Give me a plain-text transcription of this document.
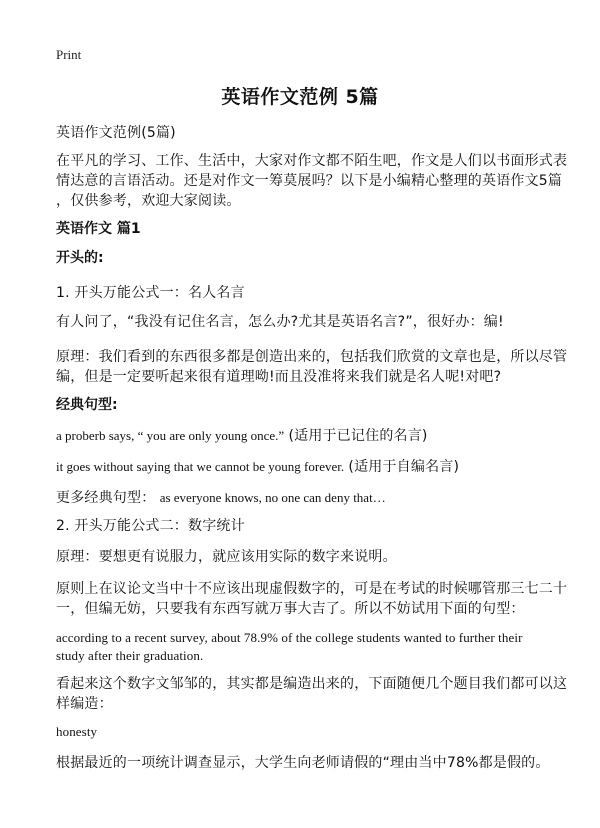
Print
英语作文范例 5篇
英语作文范例(5篇)
在平凡的学习、工作、生活中，大家对作文都不陌生吧，作文是人们以书面形式表
情达意的言语活动。还是对作文一筹莫展吗？以下是小编精心整理的英语作文5篇
，仅供参考，欢迎大家阅读。
英语作文 篇1
开头的:
1. 开头万能公式一：名人名言
有人问了，“我没有记住名言，怎么办?尤其是英语名言?”，很好办：编!
原理：我们看到的东西很多都是创造出来的，包括我们欣赏的文章也是，所以尽管
编，但是一定要听起来很有道理呦!而且没准将来我们就是名人呢!对吧?
经典句型:
a proberb says, “ you are only young once.” (适用于已记住的名言)
it goes without saying that we cannot be young forever. (适用于自编名言)
更多经典句型： as everyone knows, no one can deny that…
2. 开头万能公式二：数字统计
原理：要想更有说服力，就应该用实际的数字来说明。
原则上在议论文当中十不应该出现虚假数字的，可是在考试的时候哪管那三七二十
一，但编无妨，只要我有东西写就万事大吉了。所以不妨试用下面的句型：
according to a recent survey, about 78.9% of the college students wanted to further their
study after their graduation.
看起来这个数字文邹邹的，其实都是编造出来的，下面随便几个题目我们都可以这
样编造：
honesty
根据最近的一项统计调查显示，大学生向老师请假的“理由当中78%都是假的。
